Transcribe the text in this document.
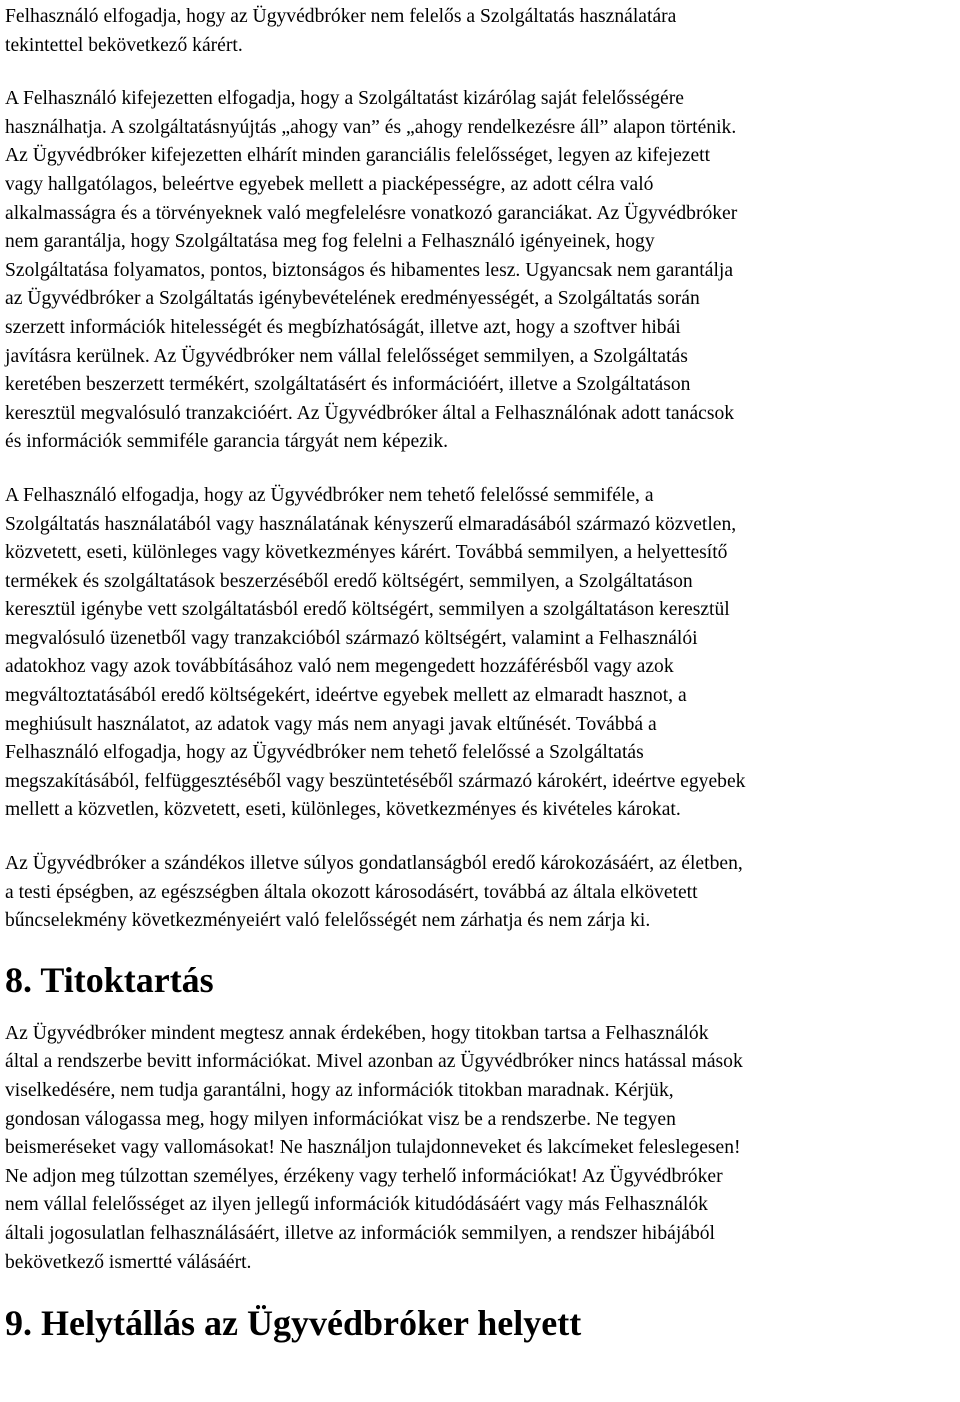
Felhasználó elfogadja, hogy az Ügyvédbróker nem felelős a Szolgáltatás használatára
tekintettel bekövetkező kárért.
A Felhasználó kifejezetten elfogadja, hogy a Szolgáltatást kizárólag saját felelősségére
használhatja. A szolgáltatásnyújtás „ahogy van” és „ahogy rendelkezésre áll” alapon történik.
Az Ügyvédbróker kifejezetten elhárít minden garanciális felelősséget, legyen az kifejezett
vagy hallgatólagos, beleértve egyebek mellett a piacképességre, az adott célra való
alkalmasságra és a törvényeknek való megfelelésre vonatkozó garanciákat. Az Ügyvédbróker
nem garantálja, hogy Szolgáltatása meg fog felelni a Felhasználó igényeinek, hogy
Szolgáltatása folyamatos, pontos, biztonságos és hibamentes lesz. Ugyancsak nem garantálja
az Ügyvédbróker a Szolgáltatás igénybevételének eredményességét, a Szolgáltatás során
szerzett információk hitelességét és megbízhatóságát, illetve azt, hogy a szoftver hibái
javításra kerülnek. Az Ügyvédbróker nem vállal felelősséget semmilyen, a Szolgáltatás
keretében beszerzett termékért, szolgáltatásért és információért, illetve a Szolgáltatáson
keresztül megvalósuló tranzakcióért. Az Ügyvédbróker által a Felhasználónak adott tanácsok
és információk semmiféle garancia tárgyát nem képezik.
A Felhasználó elfogadja, hogy az Ügyvédbróker nem tehető felelőssé semmiféle, a
Szolgáltatás használatából vagy használatának kényszerű elmaradásából származó közvetlen,
közvetett, eseti, különleges vagy következményes kárért. Továbbá semmilyen, a helyettesítő
termékek és szolgáltatások beszerzéséből eredő költségért, semmilyen, a Szolgáltatáson
keresztül igénybe vett szolgáltatásból eredő költségért, semmilyen a szolgáltatáson keresztül
megvalósuló üzenetből vagy tranzakcióból származó költségért, valamint a Felhasználói
adatokhoz vagy azok továbbításához való nem megengedett hozzáférésből vagy azok
megváltoztatásából eredő költségekért, ideértve egyebek mellett az elmaradt hasznot, a
meghiúsult használatot, az adatok vagy más nem anyagi javak eltűnését. Továbbá a
Felhasználó elfogadja, hogy az Ügyvédbróker nem tehető felelőssé a Szolgáltatás
megszakításából, felfüggesztéséből vagy beszüntetéséből származó károkért, ideértve egyebek
mellett a közvetlen, közvetett, eseti, különleges, következményes és kivételes károkat.
Az Ügyvédbróker a szándékos illetve súlyos gondatlanságból eredő károkozásáért, az életben,
a testi épségben, az egészségben általa okozott károsodásért, továbbá az általa elkövetett
bűncselekmény következményeiért való felelősségét nem zárhatja és nem zárja ki.
8. Titoktartás
Az Ügyvédbróker mindent megtesz annak érdekében, hogy titokban tartsa a Felhasználók
által a rendszerbe bevitt információkat. Mivel azonban az Ügyvédbróker nincs hatással mások
viselkedésére, nem tudja garantálni, hogy az információk titokban maradnak. Kérjük,
gondosan válogassa meg, hogy milyen információkat visz be a rendszerbe. Ne tegyen
beismeréseket vagy vallomásokat! Ne használjon tulajdonneveket és lakcímeket feleslegesen!
Ne adjon meg túlzottan személyes, érzékeny vagy terhelő információkat! Az Ügyvédbróker
nem vállal felelősséget az ilyen jellegű információk kitudódásáért vagy más Felhasználók
általi jogosulatlan felhasználásáért, illetve az információk semmilyen, a rendszer hibájából
bekövetkező ismertté válásáért.
9. Helytállás az Ügyvédbróker helyett
